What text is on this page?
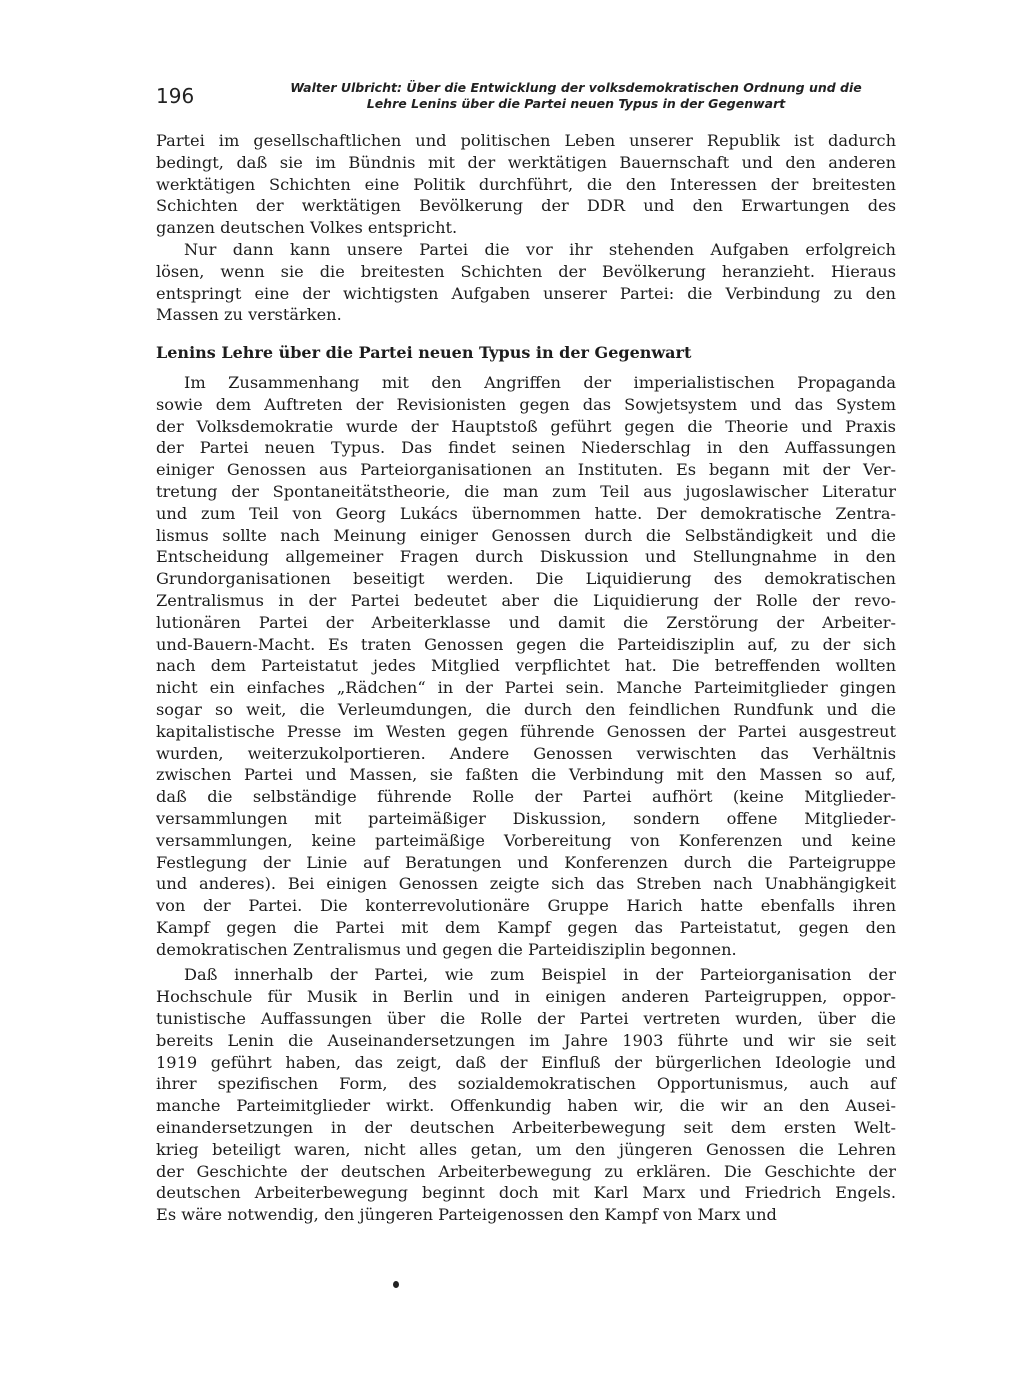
196	Walter Ulbricht: Über die Entwicklung der volksdemokratischen Ordnung und die
Lehre Lenins über die Partei neuen Typus in der Gegenwart

Partei im gesellschaftlichen und politischen Leben unserer Republik ist dadurch
bedingt, daß sie im Bündnis mit der werktätigen Bauernschaft und den anderen
werktätigen Schichten eine Politik durchführt, die den Interessen der breitesten
Schichten der werktätigen Bevölkerung der DDR und den Erwartungen des
ganzen deutschen Volkes entspricht.

Nur dann kann unsere Partei die vor ihr stehenden Aufgaben erfolgreich
lösen, wenn sie die breitesten Schichten der Bevölkerung heranzieht. Hieraus
entspringt eine der wichtigsten Aufgaben unserer Partei: die Verbindung zu den
Massen zu verstärken.

Lenins Lehre über die Partei neuen Typus in der Gegenwart

Im Zusammenhang mit den Angriffen der imperialistischen Propaganda
sowie dem Auftreten der Revisionisten gegen das Sowjetsystem und das System
der Volksdemokratie wurde der Hauptstoß geführt gegen die Theorie und Praxis
der Partei neuen Typus. Das findet seinen Niederschlag in den Auffassungen
einiger Genossen aus Parteiorganisationen an Instituten. Es begann mit der Ver-
tretung der Spontaneitätstheorie, die man zum Teil aus jugoslawischer Literatur
und zum Teil von Georg Lukács übernommen hatte. Der demokratische Zentra-
lismus sollte nach Meinung einiger Genossen durch die Selbständigkeit und die
Entscheidung allgemeiner Fragen durch Diskussion und Stellungnahme in den
Grundorganisationen beseitigt werden. Die Liquidierung des demokratischen
Zentralismus in der Partei bedeutet aber die Liquidierung der Rolle der revo-
lutionären Partei der Arbeiterklasse und damit die Zerstörung der Arbeiter-
und-Bauern-Macht. Es traten Genossen gegen die Parteidisziplin auf, zu der sich
nach dem Parteistatut jedes Mitglied verpflichtet hat. Die betreffenden wollten
nicht ein einfaches „Rädchen“ in der Partei sein. Manche Parteimitglieder gingen
sogar so weit, die Verleumdungen, die durch den feindlichen Rundfunk und die
kapitalistische Presse im Westen gegen führende Genossen der Partei ausgestreut
wurden, weiterzukolportieren. Andere Genossen verwischten das Verhältnis
zwischen Partei und Massen, sie faßten die Verbindung mit den Massen so auf,
daß die selbständige führende Rolle der Partei aufhört (keine Mitglieder-
versammlungen mit parteimäßiger Diskussion, sondern offene Mitglieder-
versammlungen, keine parteimäßige Vorbereitung von Konferenzen und keine
Festlegung der Linie auf Beratungen und Konferenzen durch die Parteigruppe
und anderes). Bei einigen Genossen zeigte sich das Streben nach Unabhängigkeit
von der Partei. Die konterrevolutionäre Gruppe Harich hatte ebenfalls ihren
Kampf gegen die Partei mit dem Kampf gegen das Parteistatut, gegen den
demokratischen Zentralismus und gegen die Parteidisziplin begonnen.

Daß innerhalb der Partei, wie zum Beispiel in der Parteiorganisation der
Hochschule für Musik in Berlin und in einigen anderen Parteigruppen, oppor-
tunistische Auffassungen über die Rolle der Partei vertreten wurden, über die
bereits Lenin die Auseinandersetzungen im Jahre 1903 führte und wir sie seit
1919 geführt haben, das zeigt, daß der Einfluß der bürgerlichen Ideologie und
ihrer spezifischen Form, des sozialdemokratischen Opportunismus, auch auf
manche Parteimitglieder wirkt. Offenkundig haben wir, die wir an den Ausei-
einandersetzungen in der deutschen Arbeiterbewegung seit dem ersten Welt-
krieg beteiligt waren, nicht alles getan, um den jüngeren Genossen die Lehren
der Geschichte der deutschen Arbeiterbewegung zu erklären. Die Geschichte der
deutschen Arbeiterbewegung beginnt doch mit Karl Marx und Friedrich Engels.
Es wäre notwendig, den jüngeren Parteigenossen den Kampf von Marx und
